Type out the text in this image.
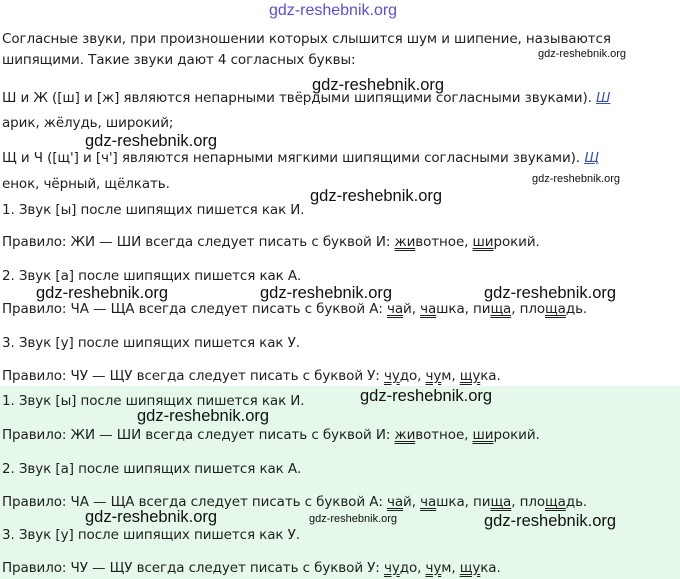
gdz-reshebnik.org
Согласные звуки, при произношении которых слышится шум и шипение, называются
шипящими. Такие звуки дают 4 согласных буквы:
Ш и Ж ([ш] и [ж] являются непарными твёрдыми шипящими согласными звуками). Ш
арик, жёлудь, широкий;
Щ и Ч ([щ'] и [ч'] являются непарными мягкими шипящими согласными звуками). Щ
енок, чёрный, щёлкать.
1. Звук [ы] после шипящих пишется как И.
Правило: ЖИ — ШИ всегда следует писать с буквой И: животное, широкий.
2. Звук [а] после шипящих пишется как А.
Правило: ЧА — ЩА всегда следует писать с буквой А: чай, чашка, пища, площадь.
3. Звук [у] после шипящих пишется как У.
Правило: ЧУ — ЩУ всегда следует писать с буквой У: чудо, чум, щука.
1. Звук [ы] после шипящих пишется как И.
Правило: ЖИ — ШИ всегда следует писать с буквой И: животное, широкий.
2. Звук [а] после шипящих пишется как А.
Правило: ЧА — ЩА всегда следует писать с буквой А: чай, чашка, пища, площадь.
3. Звук [у] после шипящих пишется как У.
Правило: ЧУ — ЩУ всегда следует писать с буквой У: чудо, чум, щука.
gdz-reshebnik.org
gdz-reshebnik.org
gdz-reshebnik.org
gdz-reshebnik.org
gdz-reshebnik.org
gdz-reshebnik.org	gdz-reshebnik.org	gdz-reshebnik.org
gdz-reshebnik.org
gdz-reshebnik.org
gdz-reshebnik.org	gdz-reshebnik.org	gdz-reshebnik.org
